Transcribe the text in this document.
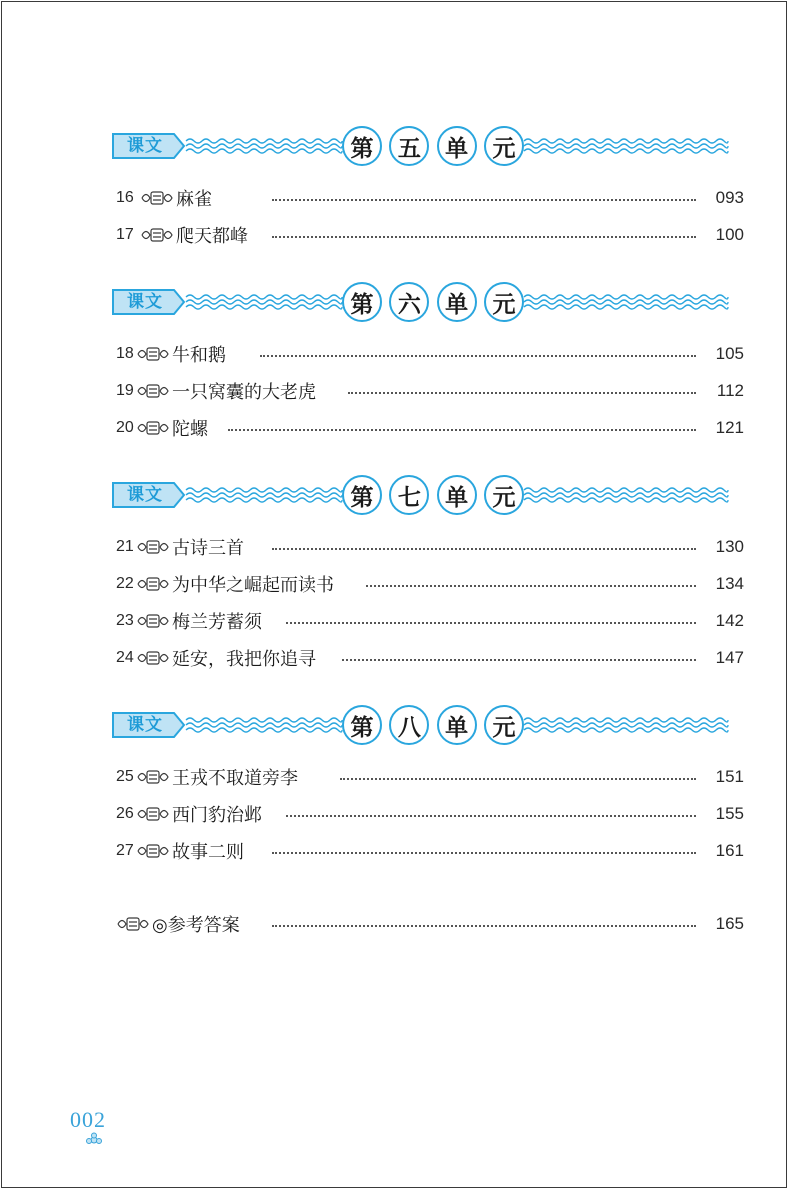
课文	第	五	单	元
16	麻雀	093
17	爬天都峰	100
课文	第	六	单	元
18 牛和鹅	105
19 一只窝囊的大老虎	112
20 陀螺	121
课文	第	七	单	元
21 古诗三首	130
22 为中华之崛起而读书	134
23 梅兰芳蓄须	142
24 延安，我把你追寻	147
课文	第	八	单	元
25 王戎不取道旁李	151
26 西门豹治邺	155
27 故事二则	161
◎参考答案	165
002
